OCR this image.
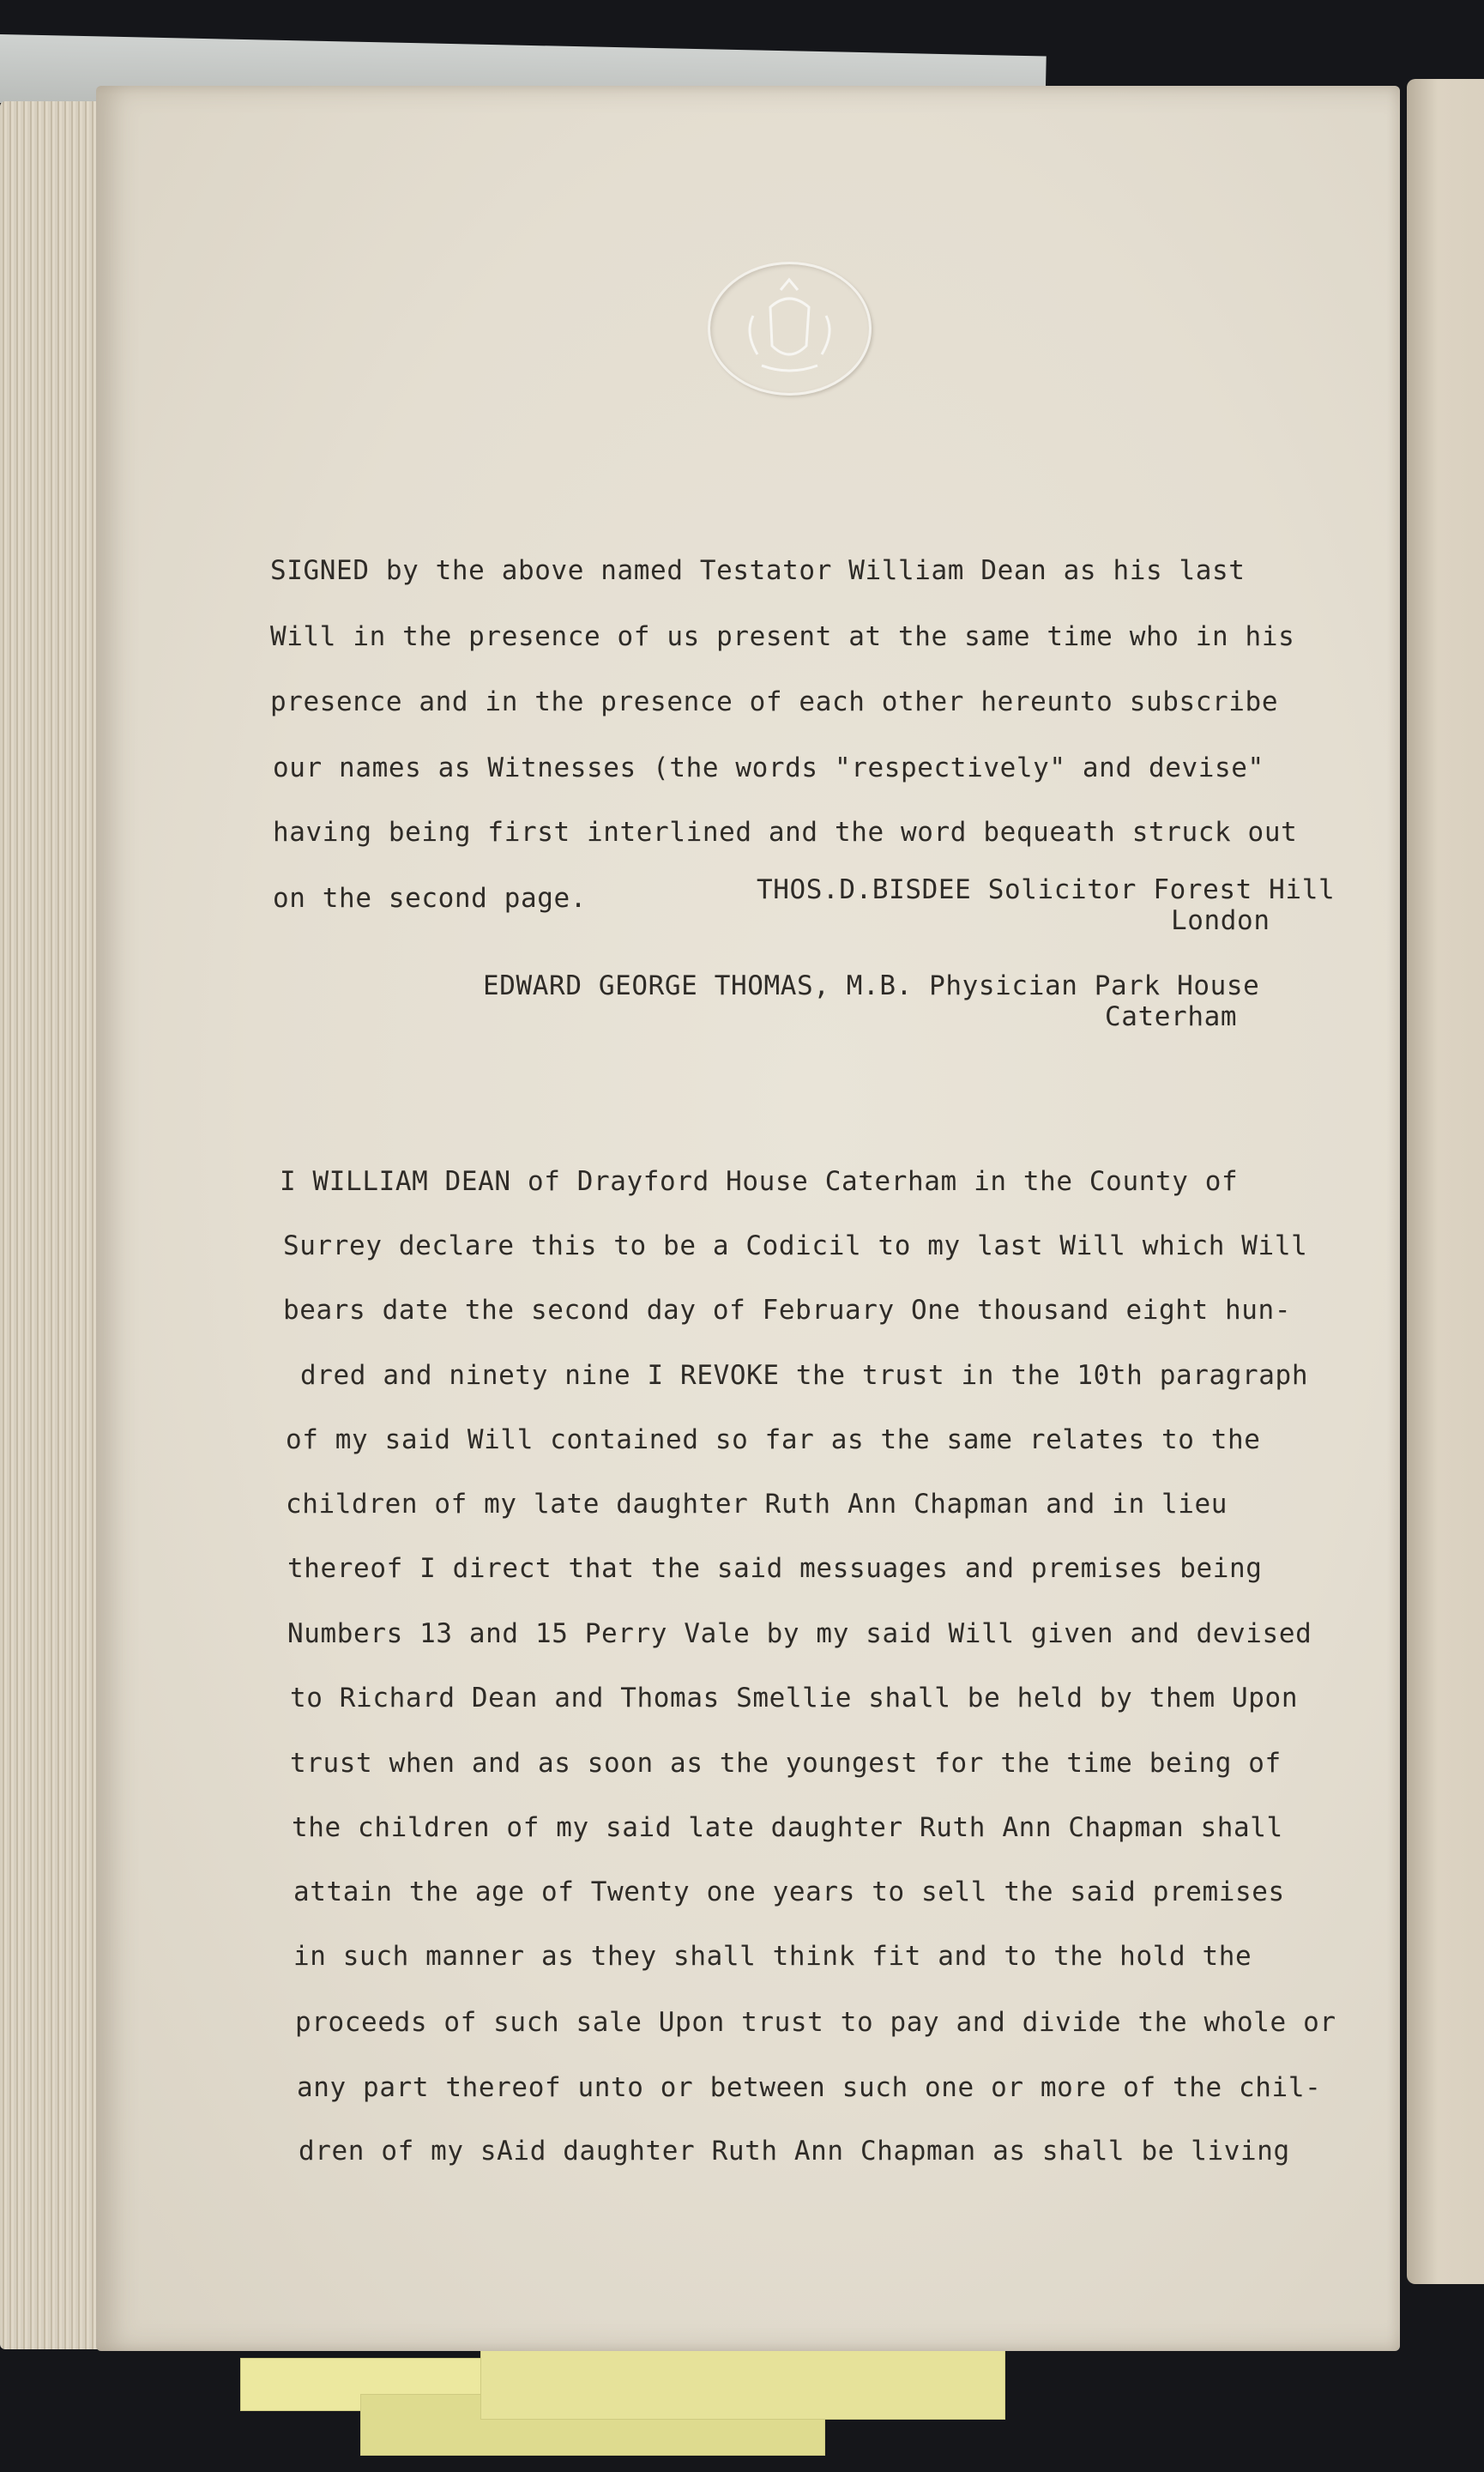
SIGNED by the above named Testator William Dean as his last
Will in the presence of us present at the same time who in his
presence and in the presence of each other hereunto subscribe
our names as Witnesses (the words "respectively" and devise"
having being first interlined and the word bequeath struck out
on the second page.	THOS.D.BISDEE Solicitor Forest Hill
London
EDWARD GEORGE THOMAS, M.B. Physician Park House
Caterham
I WILLIAM DEAN of Drayford House Caterham in the County of
Surrey declare this to be a Codicil to my last Will which Will
bears date the second day of February One thousand eight hun-
dred and ninety nine I REVOKE the trust in the 10th paragraph
of my said Will contained so far as the same relates to the
children of my late daughter Ruth Ann Chapman and in lieu
thereof I direct that the said messuages and premises being
Numbers 13 and 15 Perry Vale by my said Will given and devised
to Richard Dean and Thomas Smellie shall be held by them Upon
trust when and as soon as the youngest for the time being of
the children of my said late daughter Ruth Ann Chapman shall
attain the age of Twenty one years to sell the said premises
in such manner as they shall think fit and to the hold the
proceeds of such sale Upon trust to pay and divide the whole or
any part thereof unto or between such one or more of the chil-
dren of my sAid daughter Ruth Ann Chapman as shall be living
